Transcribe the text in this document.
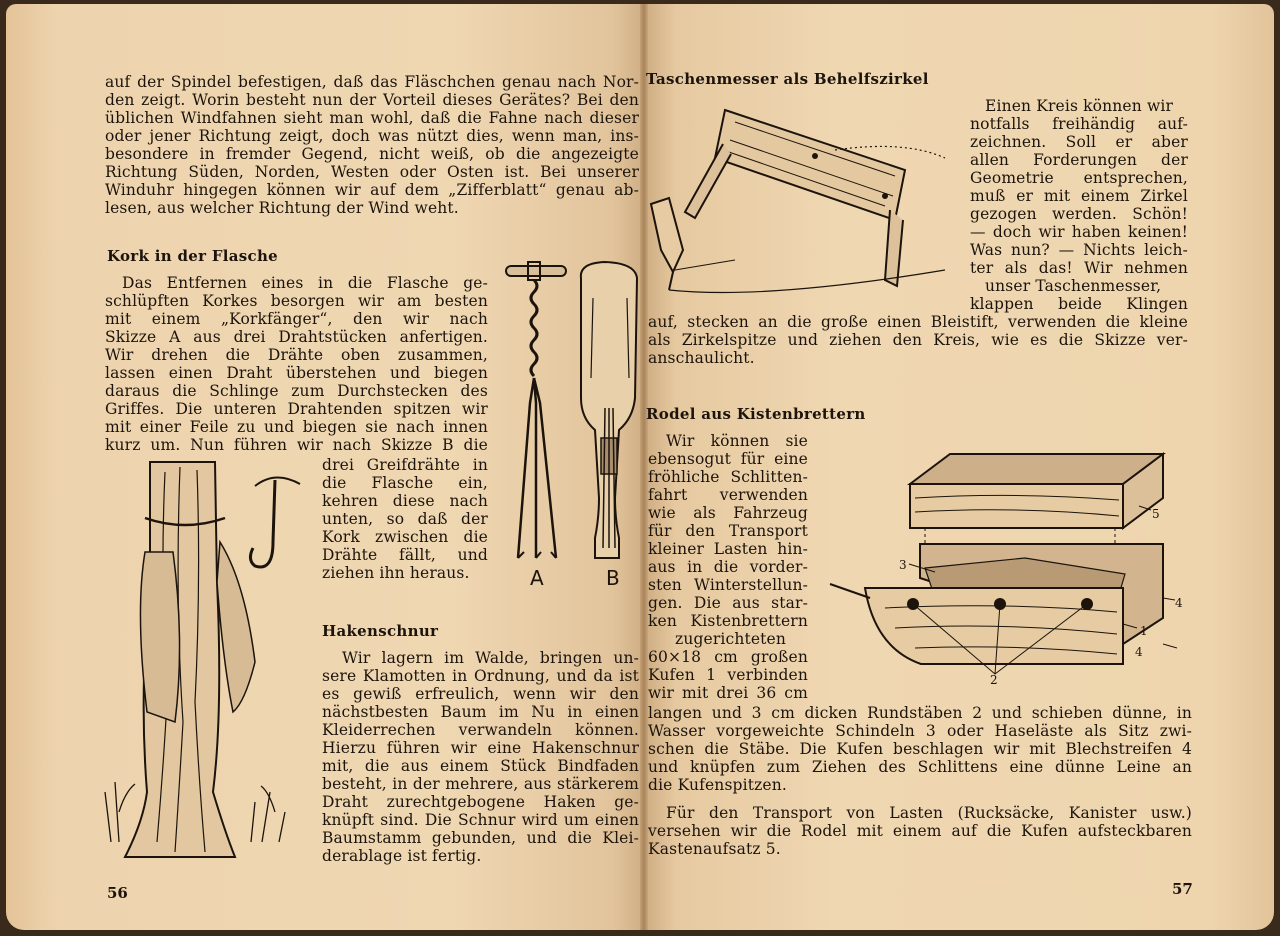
auf der Spindel befestigen, daß das Fläschchen genau nach Nor-
den zeigt. Worin besteht nun der Vorteil dieses Gerätes? Bei den
üblichen Windfahnen sieht man wohl, daß die Fahne nach dieser
oder jener Richtung zeigt, doch was nützt dies, wenn man, ins-
besondere in fremder Gegend, nicht weiß, ob die angezeigte
Richtung Süden, Norden, Westen oder Osten ist. Bei unserer
Winduhr hingegen können wir auf dem „Zifferblatt“ genau ab-
lesen, aus welcher Richtung der Wind weht.
Kork in der Flasche
Das Entfernen eines in die Flasche ge-
schlüpften Korkes besorgen wir am besten
mit einem „Korkfänger“, den wir nach
Skizze A aus drei Drahtstücken anfertigen.
Wir drehen die Drähte oben zusammen,
lassen einen Draht überstehen und biegen
daraus die Schlinge zum Durchstecken des
Griffes. Die unteren Drahtenden spitzen wir
mit einer Feile zu und biegen sie nach innen
kurz um. Nun führen wir nach Skizze B die
drei Greifdrähte in
die Flasche ein,
kehren diese nach
unten, so daß der
Kork zwischen die
Drähte fällt, und
ziehen ihn heraus.	A	B
Hakenschnur
Wir lagern im Walde, bringen un-
sere Klamotten in Ordnung, und da ist
es gewiß erfreulich, wenn wir den
nächstbesten Baum im Nu in einen
Kleiderrechen verwandeln können.
Hierzu führen wir eine Hakenschnur
mit, die aus einem Stück Bindfaden
besteht, in der mehrere, aus stärkerem
Draht zurechtgebogene Haken ge-
knüpft sind. Die Schnur wird um einen
Baumstamm gebunden, und die Klei-
derablage ist fertig.
56
Taschenmesser als Behelfszirkel
Einen Kreis können wir
notfalls freihändig auf-
zeichnen. Soll er aber
allen Forderungen der
Geometrie entsprechen,
muß er mit einem Zirkel
gezogen werden. Schön!
— doch wir haben keinen!
Was nun? — Nichts leich-
ter als das! Wir nehmen
unser Taschenmesser,
klappen beide Klingen
auf, stecken an die große einen Bleistift, verwenden die kleine
als Zirkelspitze und ziehen den Kreis, wie es die Skizze ver-
anschaulicht.
Rodel aus Kistenbrettern
Wir können sie
ebensogut für eine
fröhliche Schlitten-
fahrt verwenden
wie als Fahrzeug
für den Transport
kleiner Lasten hin-
aus in die vorder-
sten Winterstellun-
gen. Die aus star-
ken Kistenbrettern
zugerichteten
60×18 cm großen
Kufen 1 verbinden
wir mit drei 36 cm
langen und 3 cm dicken Rundstäben 2 und schieben dünne, in
Wasser vorgeweichte Schindeln 3 oder Haseläste als Sitz zwi-
schen die Stäbe. Die Kufen beschlagen wir mit Blechstreifen 4
und knüpfen zum Ziehen des Schlittens eine dünne Leine an
die Kufenspitzen.
Für den Transport von Lasten (Rucksäcke, Kanister usw.)
versehen wir die Rodel mit einem auf die Kufen aufsteckbaren
Kastenaufsatz 5.
3
5
4
1
4
2
57
